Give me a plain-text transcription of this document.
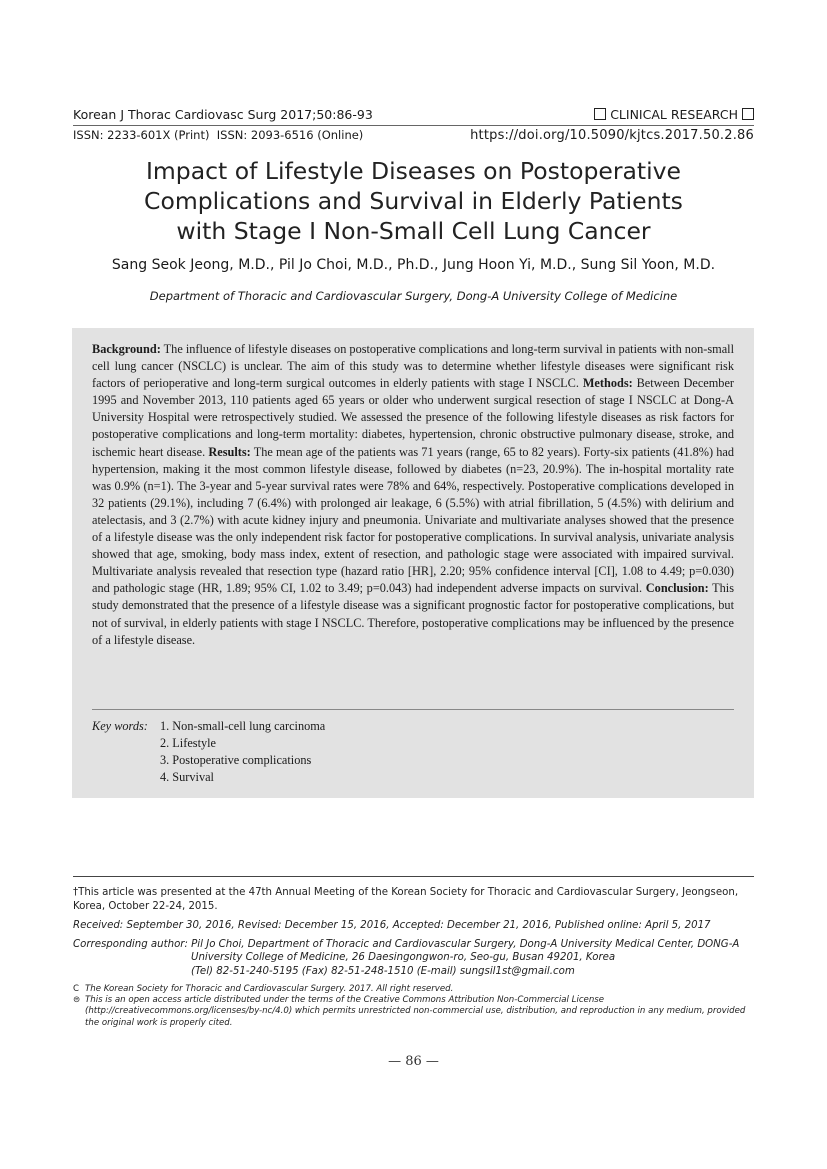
Korean J Thorac Cardiovasc Surg 2017;50:86-93	CLINICAL RESEARCH
ISSN: 2233-601X (Print)  ISSN: 2093-6516 (Online)	https://doi.org/10.5090/kjtcs.2017.50.2.86
Impact of Lifestyle Diseases on Postoperative
Complications and Survival in Elderly Patients
with Stage I Non-Small Cell Lung Cancer
Sang Seok Jeong, M.D., Pil Jo Choi, M.D., Ph.D., Jung Hoon Yi, M.D., Sung Sil Yoon, M.D.
Department of Thoracic and Cardiovascular Surgery, Dong-A University College of Medicine
Background: The influence of lifestyle diseases on postoperative complications and long-term survival in patients with non-small cell lung cancer (NSCLC) is unclear. The aim of this study was to determine whether lifestyle diseases were significant risk factors of perioperative and long-term surgical outcomes in elderly patients with stage I NSCLC. Methods: Between December 1995 and November 2013, 110 patients aged 65 years or older who underwent surgical resection of stage I NSCLC at Dong-A University Hospital were retrospectively studied. We assessed the presence of the following lifestyle diseases as risk factors for postoperative complications and long-term mortality: diabetes, hypertension, chronic obstructive pulmonary disease, stroke, and ischemic heart disease. Results: The mean age of the patients was 71 years (range, 65 to 82 years). Forty-six patients (41.8%) had hypertension, making it the most common lifestyle disease, followed by diabetes (n=23, 20.9%). The in-hospital mortality rate was 0.9% (n=1). The 3-year and 5-year survival rates were 78% and 64%, respectively. Postoperative complications developed in 32 patients (29.1%), including 7 (6.4%) with prolonged air leakage, 6 (5.5%) with atrial fibrillation, 5 (4.5%) with delirium and atelectasis, and 3 (2.7%) with acute kidney injury and pneumonia. Univariate and multivariate analyses showed that the presence of a lifestyle disease was the only independent risk factor for postoperative complications. In survival analysis, univariate analysis showed that age, smoking, body mass index, extent of resection, and pathologic stage were associated with impaired survival. Multivariate analysis revealed that resection type (hazard ratio [HR], 2.20; 95% confidence interval [CI], 1.08 to 4.49; p=0.030) and pathologic stage (HR, 1.89; 95% CI, 1.02 to 3.49; p=0.043) had independent adverse impacts on survival. Conclusion: This study demonstrated that the presence of a lifestyle disease was a significant prognostic factor for postoperative complications, but not of survival, in elderly patients with stage I NSCLC. Therefore, postoperative complications may be influenced by the presence of a lifestyle disease.
Key words: 1. Non-small-cell lung carcinoma
2. Lifestyle
3. Postoperative complications
4. Survival
†This article was presented at the 47th Annual Meeting of the Korean Society for Thoracic and Cardiovascular Surgery, Jeongseon, Korea, October 22-24, 2015.
Received: September 30, 2016, Revised: December 15, 2016, Accepted: December 21, 2016, Published online: April 5, 2017
Corresponding author: Pil Jo Choi, Department of Thoracic and Cardiovascular Surgery, Dong-A University Medical Center, DONG-A
University College of Medicine, 26 Daesingongwon-ro, Seo-gu, Busan 49201, Korea
(Tel) 82-51-240-5195 (Fax) 82-51-248-1510 (E-mail) sungsil1st@gmail.com
C The Korean Society for Thoracic and Cardiovascular Surgery. 2017. All right reserved.
⊜ This is an open access article distributed under the terms of the Creative Commons Attribution Non-Commercial License (http://creativecommons.org/licenses/by-nc/4.0) which permits unrestricted non-commercial use, distribution, and reproduction in any medium, provided the original work is properly cited.
— 86 —
